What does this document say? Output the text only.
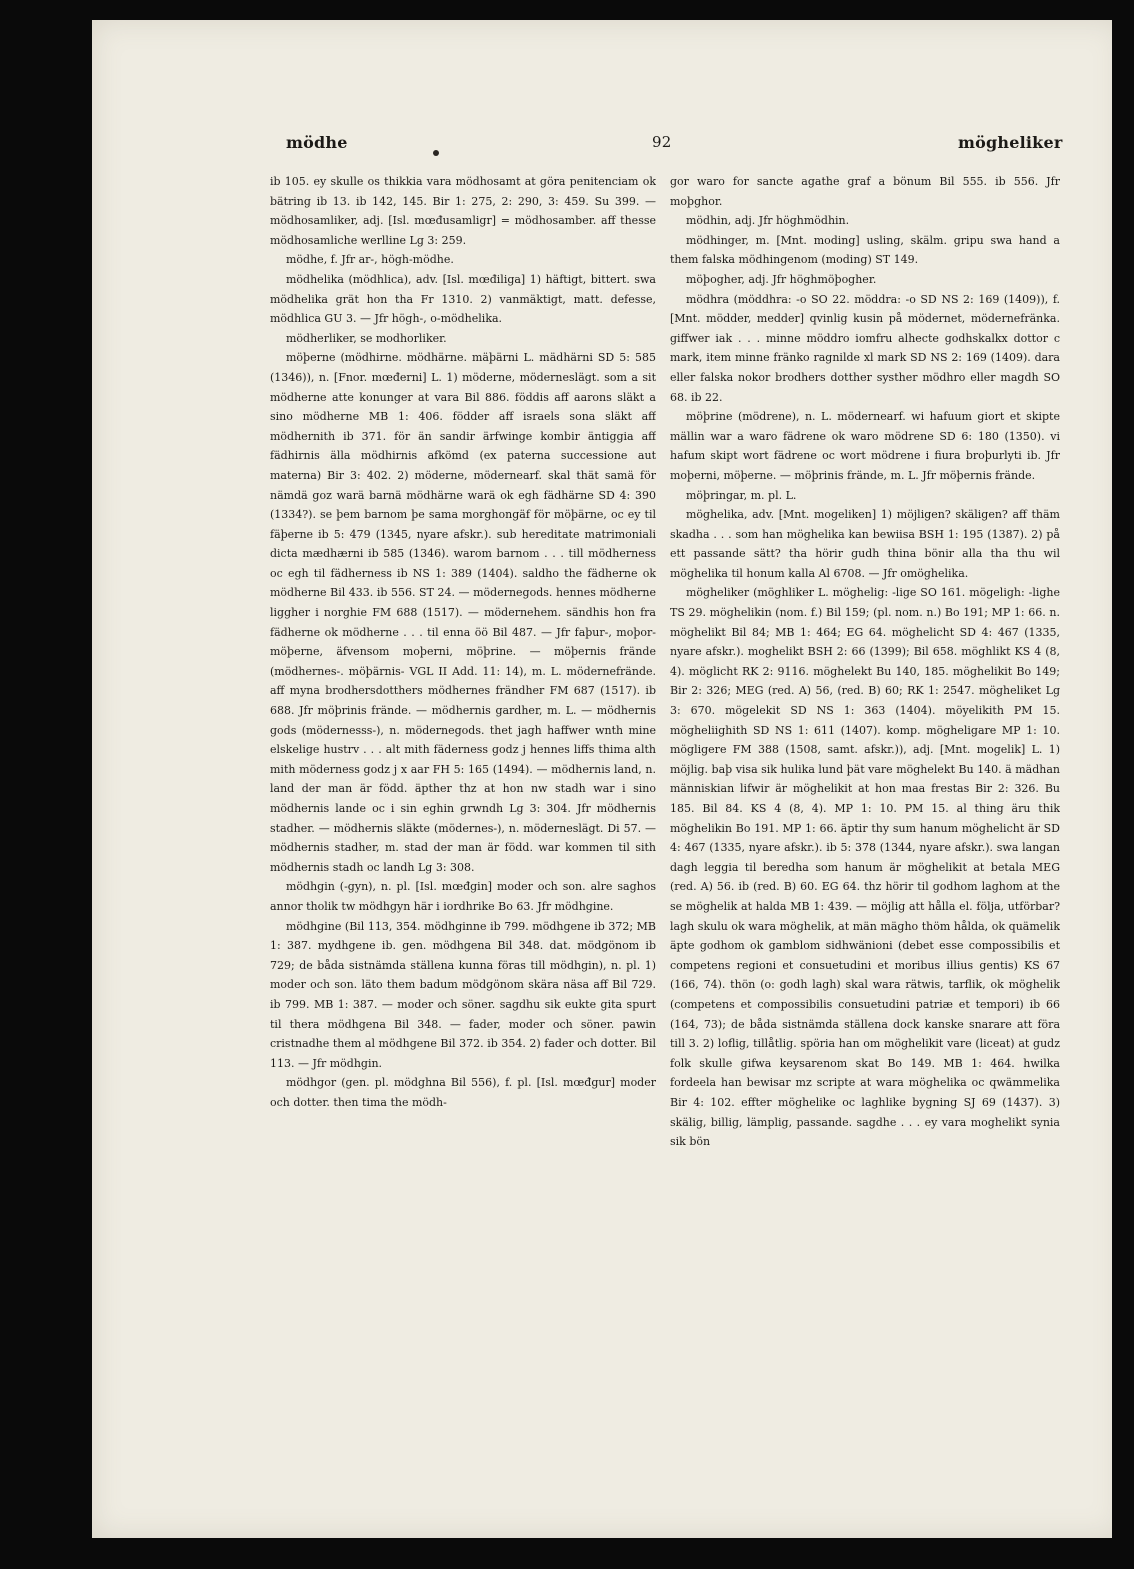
mödhe	92	mögheliker

ib 105. ey skulle os thikkia vara mödhosamt at göra penitenciam ok bätring ib 13. ib 142, 145. Bir 1: 275, 2: 290, 3: 459. Su 399. — mödhosamliker, adj. [Isl. mœđusamligr] = mödhosamber. aff thesse mödhosamliche werlline Lg 3: 259.

mödhe, f. Jfr ar-, högh-mödhe.

mödhelika (mödhlica), adv. [Isl. mœđiliga] 1) häftigt, bittert. swa mödhelika grät hon tha Fr 1310. 2) vanmäktigt, matt. defesse, mödhlica GU 3. — Jfr högh-, o-mödhelika.

mödherliker, se modhorliker.

möþerne (mödhirne. mödhärne. mäþärni L. mädhärni SD 5: 585 (1346)), n. [Fnor. mœđerni] L. 1) möderne, möderneslägt. som a sit mödherne atte konunger at vara Bil 886. föddis aff aarons släkt a sino mödherne MB 1: 406. födder aff israels sona släkt aff mödhernith ib 371. för än sandir ärfwinge kombir äntiggia aff fädhirnis älla mödhirnis afkömd (ex paterna successione aut materna) Bir 3: 402. 2) möderne, mödernearf. skal thät samä för nämdä goz warä barnä mödhärne warä ok egh fädhärne SD 4: 390 (1334?). se þem barnom þe sama morghongäf för möþärne, oc ey til fäþerne ib 5: 479 (1345, nyare afskr.). sub hereditate matrimoniali dicta mædhærni ib 585 (1346). warom barnom . . . till mödherness oc egh til fädherness ib NS 1: 389 (1404). saldho the fädherne ok mödherne Bil 433. ib 556. ST 24. — mödernegods. hennes mödherne liggher i norghie FM 688 (1517). — mödernehem. sändhis hon fra fädherne ok mödherne . . . til enna öö Bil 487. — Jfr faþur-, moþor-möþerne, äfvensom moþerni, möþrine. — möþernis frände (mödhernes-. möþärnis- VGL II Add. 11: 14), m. L. mödernefrände. aff myna brodhersdotthers mödhernes frändher FM 687 (1517). ib 688. Jfr möþrinis frände. — mödhernis gardher, m. L. — mödhernis gods (mödernesss-), n. mödernegods. thet jagh haffwer wnth mine elskelige hustrv . . . alt mith fäderness godz j hennes liffs thima alth mith möderness godz j x aar FH 5: 165 (1494). — mödhernis land, n. land der man är född. äpther thz at hon nw stadh war i sino mödhernis lande oc i sin eghin grwndh Lg 3: 304. Jfr mödhernis stadher. — mödhernis släkte (mödernes-), n. möderneslägt. Di 57. — mödhernis stadher, m. stad der man är född. war kommen til sith mödhernis stadh oc landh Lg 3: 308.

mödhgin (-gyn), n. pl. [Isl. mœđgin] moder och son. alre saghos annor tholik tw mödhgyn här i iordhrike Bo 63. Jfr mödhgine.

mödhgine (Bil 113, 354. mödhginne ib 799. mödhgene ib 372; MB 1: 387. mydhgene ib. gen. mödhgena Bil 348. dat. mödgönom ib 729; de båda sistnämda ställena kunna föras till mödhgin), n. pl. 1) moder och son. läto them badum mödgönom skära näsa aff Bil 729. ib 799. MB 1: 387. — moder och söner. sagdhu sik eukte gita spurt til thera mödhgena Bil 348. — fader, moder och söner. pawin cristnadhe them al mödhgene Bil 372. ib 354. 2) fader och dotter. Bil 113. — Jfr mödhgin.

mödhgor (gen. pl. mödghna Bil 556), f. pl. [Isl. mœđgur] moder och dotter. then tima the mödh-

gor waro for sancte agathe graf a bönum Bil 555. ib 556. Jfr moþghor.

mödhin, adj. Jfr höghmödhin.

mödhinger, m. [Mnt. moding] usling, skälm. gripu swa hand a them falska mödhingenom (moding) ST 149.

möþogher, adj. Jfr höghmöþogher.

mödhra (möddhra: -o SO 22. möddra: -o SD NS 2: 169 (1409)), f. [Mnt. mödder, medder] qvinlig kusin på mödernet, mödernefränka. giffwer iak . . . minne möddro iomfru alhecte godhskalkx dottor c mark, item minne fränko ragnilde xl mark SD NS 2: 169 (1409). dara eller falska nokor brodhers dotther systher mödhro eller magdh SO 68. ib 22.

möþrine (mödrene), n. L. mödernearf. wi hafuum giort et skipte mällin war a waro fädrene ok waro mödrene SD 6: 180 (1350). vi hafum skipt wort fädrene oc wort mödrene i fiura broþurlyti ib. Jfr moþerni, möþerne. — möþrinis frände, m. L. Jfr möþernis frände.

möþringar, m. pl. L.

möghelika, adv. [Mnt. mogeliken] 1) möjligen? skäligen? aff thäm skadha . . . som han möghelika kan bewiisa BSH 1: 195 (1387). 2) på ett passande sätt? tha hörir gudh thina bönir alla tha thu wil möghelika til honum kalla Al 6708. — Jfr omöghelika.

mögheliker (möghliker L. möghelig: -lige SO 161. mögeligh: -lighe TS 29. möghelikin (nom. f.) Bil 159; (pl. nom. n.) Bo 191; MP 1: 66. n. möghelikt Bil 84; MB 1: 464; EG 64. möghelicht SD 4: 467 (1335, nyare afskr.). moghelikt BSH 2: 66 (1399); Bil 658. möghlikt KS 4 (8, 4). möglicht RK 2: 9116. möghelekt Bu 140, 185. möghelikit Bo 149; Bir 2: 326; MEG (red. A) 56, (red. B) 60; RK 1: 2547. mögheliket Lg 3: 670. mögelekit SD NS 1: 363 (1404). möyelikith PM 15. mögheliighith SD NS 1: 611 (1407). komp. mögheligare MP 1: 10. mögligere FM 388 (1508, samt. afskr.)), adj. [Mnt. mogelik] L. 1) möjlig. baþ visa sik hulika lund þät vare möghelekt Bu 140. ä mädhan människian lifwir är möghelikit at hon maa frestas Bir 2: 326. Bu 185. Bil 84. KS 4 (8, 4). MP 1: 10. PM 15. al thing äru thik möghelikin Bo 191. MP 1: 66. äptir thy sum hanum möghelicht är SD 4: 467 (1335, nyare afskr.). ib 5: 378 (1344, nyare afskr.). swa langan dagh leggia til beredha som hanum är möghelikit at betala MEG (red. A) 56. ib (red. B) 60. EG 64. thz hörir til godhom laghom at the se möghelik at halda MB 1: 439. — möjlig att hålla el. följa, utförbar? lagh skulu ok wara möghelik, at män mägho thöm hålda, ok quämelik äpte godhom ok gamblom sidhwänioni (debet esse compossibilis et competens regioni et consuetudini et moribus illius gentis) KS 67 (166, 74). thön (o: godh lagh) skal wara rätwis, tarflik, ok möghelik (competens et compossibilis consuetudini patriæ et tempori) ib 66 (164, 73); de båda sistnämda ställena dock kanske snarare att föra till 3. 2) loflig, tillåtlig. spöria han om möghelikit vare (liceat) at gudz folk skulle gifwa keysarenom skat Bo 149. MB 1: 464. hwilka fordeela han bewisar mz scripte at wara möghelika oc qwämmelika Bir 4: 102. effter möghelike oc laghlike bygning SJ 69 (1437). 3) skälig, billig, lämplig, passande. sagdhe . . . ey vara moghelikt synia sik bön
